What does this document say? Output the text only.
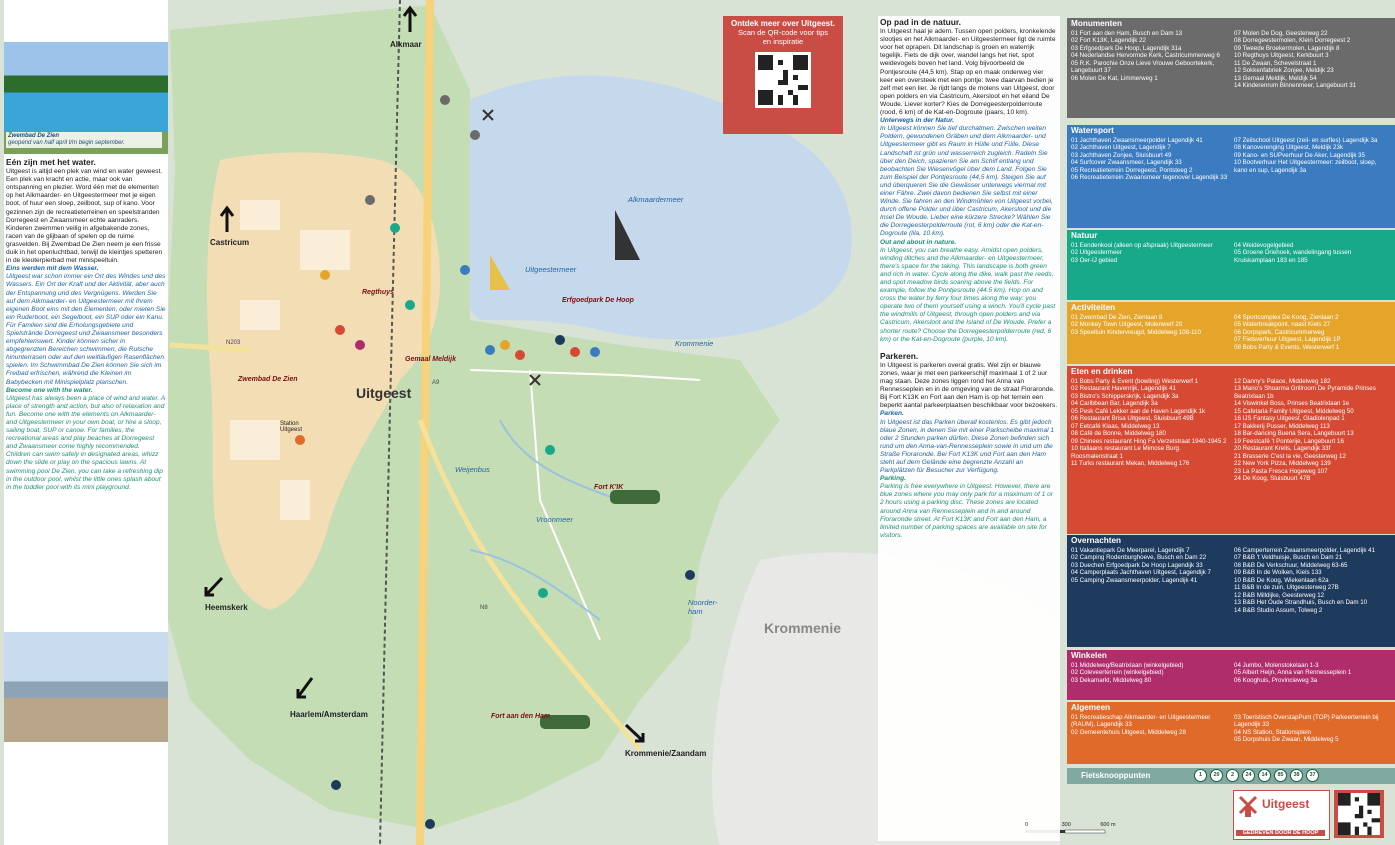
Uitgeest
Krommenie
Alkmaardermeer
Uitgeestermeer
Weijenbus
Vroonmeer
Krommenie
Noorder-ham
Erfgoedpark De Hoop
Regthuys
Gemaal Meldijk
Zwembad De Zien
Fort K'IK
Fort aan den Ham
Station Uitgeest
Alkmaar
Castricum
Heemskerk
Haarlem/Amsterdam
Krommenie/Zaandam
A9
N203
N8
Zwembad De Zien
geopend van half april t/m begin september.
Eén zijn met het water.
Uitgeest is altijd een plek van wind en water geweest. Een plek van kracht en actie, maar ook van ontspanning en plezier. Word één met de elementen op het Alkmaarder- en Uitgeestermeer met je eigen boot, of huur een sloep, zeilboot, sup of kano. Voor gezinnen zijn de recreatieterreinen en speelstranden Dorregeest en Zwaansmeer echte aanraders. Kinderen zwemmen veilig in afgebakende zones, racen van de glijbaan of spelen op de ruime grasvelden. Bij Zwembad De Zien neem je een frisse duik in het openluchtbad, terwijl de kleintjes spetteren in de kleuterpierbad met minispeeltuin.
Eins werden mit dem Wasser.
Uitgeest war schon immer ein Ort des Windes und des Wassers. Ein Ort der Kraft und der Aktivität, aber auch der Entspannung und des Vergnügens. Werden Sie auf dem Alkmaarder- en Uitgeestermeer mit Ihrem eigenen Boot eins mit den Elementen, oder mieten Sie ein Ruderboot, ein Segelboot, ein SUP oder ein Kanu. Für Familien sind die Erholungsgebiete und Spielstrände Dorregeest und Zwaansmeer besonders empfehlenswert. Kinder können sicher in abgegrenzten Bereichen schwimmen, die Rutsche hinunterrasen oder auf den weitläufigen Rasenflächen spielen. Im Schwimmbad De Zien können Sie sich im Freibad erfrischen, während die Kleinen im Babybecken mit Minispielplatz planschen.
Become one with the water.
Uitgeest has always been a place of wind and water. A place of strength and action, but also of relaxation and fun. Become one with the elements on Alkmaarder- and Uitgeestermeer in your own boat, or hire a sloop, sailing boat, SUP or canoe. For families, the recreational areas and play beaches at Dorregeest and Zwaansmeer come highly recommended. Children can swim safely in designated areas, whizz down the slide or play on the spacious lawns. At swimming pool De Zien, you can take a refreshing dip in the outdoor pool, whilst the little ones splash about in the toddler pool with its mini playground.
Ontdek meer over Uitgeest.
Scan de QR-code voor tips en inspiratie
Op pad in de natuur.
In Uitgeest haal je adem. Tussen open polders, kronkelende slootjes en het Alkmaarder- en Uitgeestermeer ligt de ruimte voor het oprapen. Dit landschap is groen en waterrijk tegelijk. Fiets de dijk over, wandel langs het riet, spot weidevogels boven het land. Volg bijvoorbeeld de Pontjesroute (44,5 km). Stap op en maak onderweg vier keer een oversteek met een pontje: twee daarvan bedien je zelf met een lier. Je rijdt langs de molens van Uitgeest, door open polders en via Castricum, Akersloot en het eiland De Woude. Liever korter? Kies de Dorregeesterpolderroute (rood, 6 km) of de Kat-en-Dogroute (paars, 10 km).
Unterwegs in der Natur.
In Uitgeest können Sie tief durchatmen. Zwischen weiten Poldern, gewundenen Gräben und dem Alkmaarder- und Uitgeestermeer gibt es Raum in Hülle und Fülle. Diese Landschaft ist grün und wasserreich zugleich. Radeln Sie über den Deich, spazieren Sie am Schilf entlang und beobachten Sie Wiesenvögel über dem Land. Folgen Sie zum Beispiel der Pontjesroute (44,5 km). Steigen Sie auf und überqueren Sie die Gewässer unterwegs viermal mit einer Fähre. Zwei davon bedienen Sie selbst mit einer Winde. Sie fahren an den Windmühlen von Uitgeest vorbei, durch offene Polder und über Castricum, Akersloot und die Insel De Woude. Lieber eine kürzere Strecke? Wählen Sie die Dorregeesterpolderroute (rot, 6 km) oder die Kat-en-Dogroute (lila, 10 km).
Out and about in nature.
In Uitgeest, you can breathe easy. Amidst open polders, winding ditches and the Alkmaarder- en Uitgeestermeer, there's space for the taking. This landscape is both green and rich in water. Cycle along the dike, walk past the reeds, and spot meadow birds soaring above the fields. For example, follow the Pontjesroute (44.5 km). Hop on and cross the water by ferry four times along the way: you operate two of them yourself using a winch. You'll cycle past the windmills of Uitgeest, through open polders and via Castricum, Akersloot and the Island of De Woude. Prefer a shorter route? Choose the Dorregeesterpolderroute (red, 6 km) or the Kat-en-Dogroute (purple, 10 km).
Parkeren.
In Uitgeest is parkeren overal gratis. Wel zijn er blauwe zones, waar je met een parkeerschijf maximaal 1 of 2 uur mag staan. Deze zones liggen rond het Anna van Rennesseplein en in de omgeving van de straat Floraronde. Bij Fort K13K en Fort aan den Ham is op het terrein een beperkt aantal parkeerplaatsen beschikbaar voor bezoekers.
Parken.
In Uitgeest ist das Parken überall kostenlos. Es gibt jedoch blaue Zonen, in denen Sie mit einer Parkscheibe maximal 1 oder 2 Stunden parken dürfen. Diese Zonen befinden sich rund um den Anna-van-Rennesseplein sowie in und um die Straße Floraronde. Bei Fort K13K und Fort aan den Ham steht auf dem Gelände eine begrenzte Anzahl an Parkplätzen für Besucher zur Verfügung.
Parking.
Parking is free everywhere in Uitgeest. However, there are blue zones where you may only park for a maximum of 1 or 2 hours using a parking disc. These zones are located around Anna van Rennesseplein and in and around Floraronde street. At Fort K13K and Fort aan den Ham, a limited number of parking spaces are available on site for visitors.
Monumenten
01 Fort aan den Ham, Busch en Dam 13
02 Fort K13K, Lagendijk 22
03 Erfgoedpark De Hoop, Lagendijk 31a
04 Nederlandse Hervormde Kerk, Castricummerweg 6
05 R.K. Parochie Onze Lieve Vrouwe Geboortekerk, Langebuurt 37
06 Molen De Kat, Limmerweg 1
07 Molen De Dog, Geesterweg 22
08 Dorregeestermolen, Klein Dorregeest 2
09 Tweede Broekermolen, Lagendijk 8
10 Regthuys Uitgeest, Kerkbuurt 3
11 De Zwaan, Schevelstraat 1
12 Sokkenfabriek Zonjee, Meldijk 23
13 Gemaal Meldijk, Meldijk 54
14 Kinderenrum Binnenmeer, Langebuurt 31
Watersport
01 Jachthaven Zwaansmeerpolder Lagendijk 41
02 Jachthaven Uitgeest, Lagendijk 7
03 Jachthaven Zonjee, Sluisbuurt 49
04 Surfcover Zwaansmeer, Lagendijk 33
05 Recreatieterrein Dorregeest, Pontsteeg 2
06 Recreatieterrein Zwaansmeer tegenover Lagendijk 33
07 Zeilschool Uitgeest (zeil- en surfles) Lagendijk 3a
08 Kanoverenging Uitgeest, Meldijk 23k
09 Kano- en SUPverhuur De Aker, Lagendijk 35
10 Bootverhuur Het Uitgeestermeer: zeilboot, sloep, kano en sup, Lagendijk 3a
Natuur
01 Eendenkooi (alleen op afspraak) Uitgeestermeer
02 Uitgeestermeer
03 Oer-IJ gebied
04 Weidevogelgebied
05 Groene Driehoek, wandelingang tussen Kruiskamplaan 183 en 185
Activiteiten
01 Zwembad De Zien, Zienlaan 8
02 Monkey Town Uitgeest, Molenwerf 20
03 Speeltuin Kindervreugd, Middelweg 108-110
04 Sportcomplex De Koog, Zienlaan 2
05 Waterbreakpoint, naast Kiels 27
06 Dorpspark, Castricummerweg
07 Fietsverhuur Uitgeest, Lagendijk 1P
08 Bobs Party & Events, Westerwerf 1
Eten en drinken
01 Bobs Party & Event (bowling) Westerwerf 1
02 Restaurant Havenrijk, Lagendijk 41
03 Bistro's Schipperskrijk, Lagendijk 3a
04 Caribbean Bar, Lagendijk 3a
05 Pesk Café Lekker aan de Haven Lagendijk 1k
06 Restaurant Brisa Uitgeest, Sluisbuurt 49B
07 Eetcafé Klaas, Middelweg 13
08 Café de Bonne, Middelweg 180
09 Chinees restaurant Hing Fa Verzetstraat 1940-1945 2
10 Italiaans restaurant Le Mimose Burg. Roosmalenstraat 1
11 Turks restaurant Mekan, Middelweg 176
12 Danny's Palace, Middelweg 182
13 Mario's Shoarma Grillroom De Pyramide Prinses Beatrixlaan 1b
14 Viswinkel Boss, Prinses Beatrixlaan 1e
15 Cafetaria Family Uitgeest, Middelweg 50
16 IJS Fantasy Uitgeest, Gladiolenpad 1
17 Bakkerij Pusser, Middelweg 113
18 Bar-dancing Buena Sera, Langebuurt 13
19 Feestcafé 't Ponterije, Langebuurt 16
20 Restaurant Krelis, Lagendijk 33f
21 Brasserie C'est la vie, Geesterweg 12
22 New York Pizza, Middelweg 139
23 La Pasta Fresca Hogeweg 107
24 De Koog, Sluisbuurt 47B
Overnachten
01 Vakantiepark De Meerparel, Lagendijk 7
02 Camping Rodenburghoeve, Busch en Dam 22
03 Duechen Erfgoedpark De Hoop Lagendijk 33
04 Camperplaats Jachthaven Uitgeest, Lagendijk 7
05 Camping Zwaansmeerpolder, Lagendijk 41
06 Camperterrein Zwaansmeerpolder, Lagendijk 41
07 B&B 't Veldhuisje, Busch en Dam 21
08 B&B De Verkschuur, Middelweg 63-65
09 B&B In de Wolken, Kiels 133
10 B&B De Koog, Wiekenlaan 62a
11 B&B In de zuin, Uitgeesterweg 27B
12 B&B Milldijke, Geesterweg 12
13 B&B Het Oude Strandhuis, Busch en Dam 10
14 B&B Studio Assum, Tolweg 2
Winkelen
01 Middelweg/Beatrixlaan (winkelgebied)
02 Coleveerterrein (winkelgebied)
03 Dekamarkt, Middelweg 80
04 Jumbo, Molenstokelaan 1-3
05 Albert Heijn, Anna van Rennesseplein 1
06 Kooghuis, Provincieweg 3a
Algemeen
01 Recreatieschap Alkmaarder- en Uitgeestermeer (RAUM), Lagendijk 33
02 Gemeentehuis Uitgeest, Middelweg 28
03 Toeristisch OverstapPunt (TOP) Parkeerterrein bij Lagendijk 33
04 NS Station, Stationsplein
05 Dorpshuis De Zwaan, Middelweg 5
Fietsknooppunten	1 20 2 24 14 85 38 37
Uitgeest
GEDREVEN DOOR DE HOOP
0	300	600 m
